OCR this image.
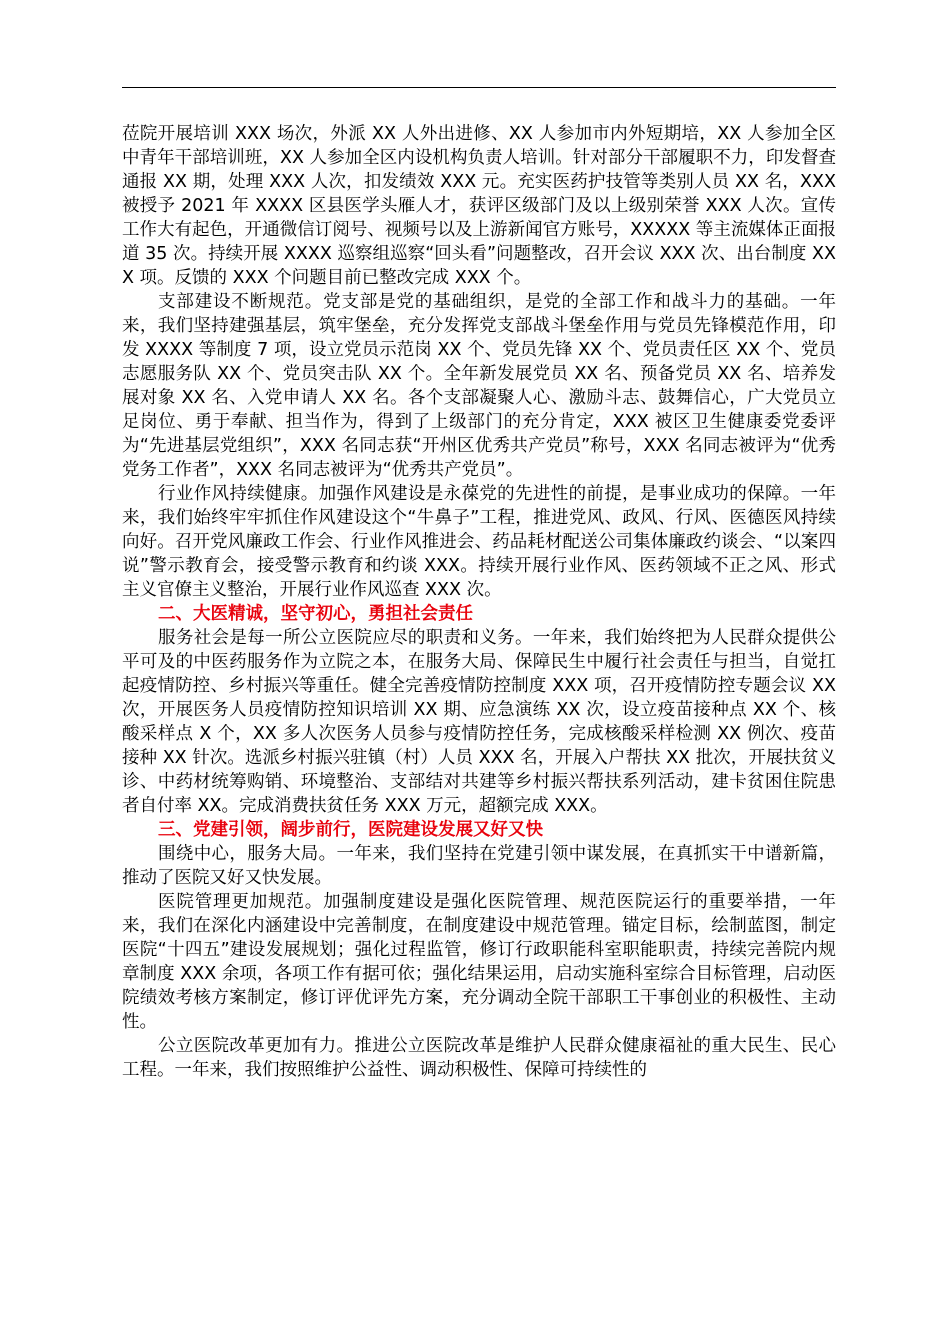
莅院开展培训 XXX 场次，外派 XX 人外出进修、XX 人参加市内外短期培，XX 人参加全区中青年干部培训班，XX 人参加全区内设机构负责人培训。针对部分干部履职不力，印发督查通报 XX 期，处理 XXX 人次，扣发绩效 XXX 元。充实医药护技管等类别人员 XX 名，XXX 被授予 2021 年 XXXX 区县医学头雁人才，获评区级部门及以上级别荣誉 XXX 人次。宣传工作大有起色，开通微信订阅号、视频号以及上游新闻官方账号，XXXXX 等主流媒体正面报道 35 次。持续开展 XXXX 巡察组巡察“回头看”问题整改，召开会议 XXX 次、出台制度 XXX 项。反馈的 XXX 个问题目前已整改完成 XXX 个。

支部建设不断规范。党支部是党的基础组织，是党的全部工作和战斗力的基础。一年来，我们坚持建强基层，筑牢堡垒，充分发挥党支部战斗堡垒作用与党员先锋模范作用，印发 XXXX 等制度 7 项，设立党员示范岗 XX 个、党员先锋 XX 个、党员责任区 XX 个、党员志愿服务队 XX 个、党员突击队 XX 个。全年新发展党员 XX 名、预备党员 XX 名、培养发展对象 XX 名、入党申请人 XX 名。各个支部凝聚人心、激励斗志、鼓舞信心，广大党员立足岗位、勇于奉献、担当作为，得到了上级部门的充分肯定，XXX 被区卫生健康委党委评为“先进基层党组织”，XXX 名同志获“开州区优秀共产党员”称号，XXX 名同志被评为“优秀党务工作者”，XXX 名同志被评为“优秀共产党员”。

行业作风持续健康。加强作风建设是永葆党的先进性的前提，是事业成功的保障。一年来，我们始终牢牢抓住作风建设这个“牛鼻子”工程，推进党风、政风、行风、医德医风持续向好。召开党风廉政工作会、行业作风推进会、药品耗材配送公司集体廉政约谈会、“以案四说”警示教育会，接受警示教育和约谈 XXX。持续开展行业作风、医药领域不正之风、形式主义官僚主义整治，开展行业作风巡查 XXX 次。

二、大医精诚，坚守初心，勇担社会责任

服务社会是每一所公立医院应尽的职责和义务。一年来，我们始终把为人民群众提供公平可及的中医药服务作为立院之本，在服务大局、保障民生中履行社会责任与担当，自觉扛起疫情防控、乡村振兴等重任。健全完善疫情防控制度 XXX 项，召开疫情防控专题会议 XX 次，开展医务人员疫情防控知识培训 XX 期、应急演练 XX 次，设立疫苗接种点 XX 个、核酸采样点 X 个，XX 多人次医务人员参与疫情防控任务，完成核酸采样检测 XX 例次、疫苗接种 XX 针次。选派乡村振兴驻镇（村）人员 XXX 名，开展入户帮扶 XX 批次，开展扶贫义诊、中药材统筹购销、环境整治、支部结对共建等乡村振兴帮扶系列活动，建卡贫困住院患者自付率 XX。完成消费扶贫任务 XXX 万元，超额完成 XXX。

三、党建引领，阔步前行，医院建设发展又好又快

围绕中心，服务大局。一年来，我们坚持在党建引领中谋发展，在真抓实干中谱新篇，推动了医院又好又快发展。

医院管理更加规范。加强制度建设是强化医院管理、规范医院运行的重要举措，一年来，我们在深化内涵建设中完善制度，在制度建设中规范管理。锚定目标，绘制蓝图，制定医院“十四五”建设发展规划；强化过程监管，修订行政职能科室职能职责，持续完善院内规章制度 XXX 余项，各项工作有据可依；强化结果运用，启动实施科室综合目标管理，启动医院绩效考核方案制定，修订评优评先方案，充分调动全院干部职工干事创业的积极性、主动性。

公立医院改革更加有力。推进公立医院改革是维护人民群众健康福祉的重大民生、民心工程。一年来，我们按照维护公益性、调动积极性、保障可持续性的
